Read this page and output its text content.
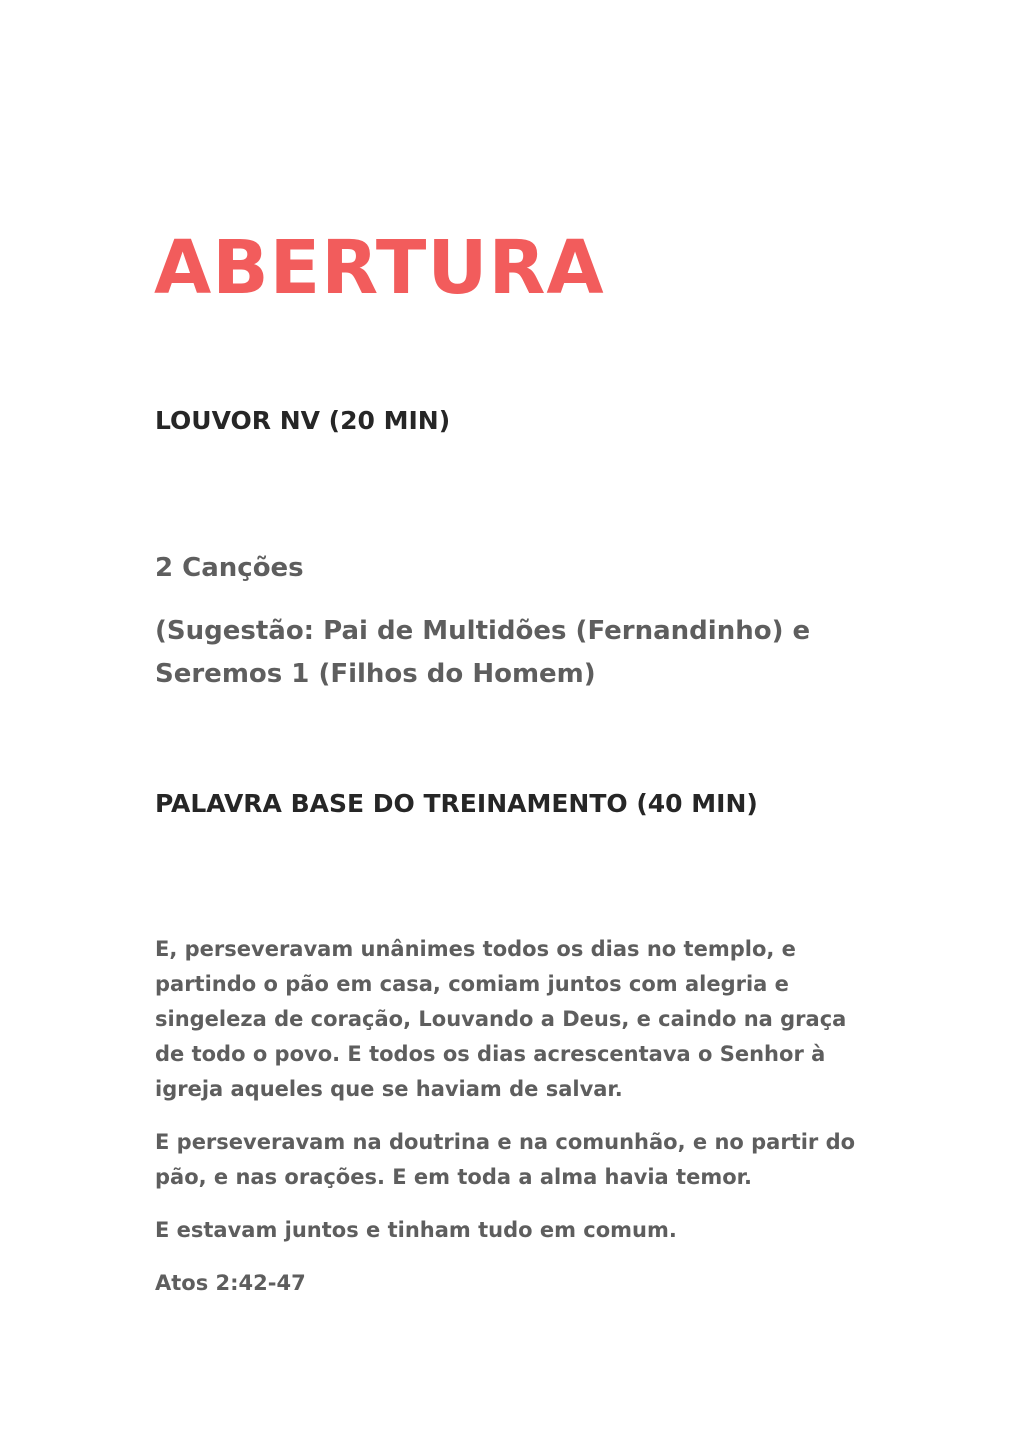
ABERTURA
LOUVOR NV (20 MIN)

2 Canções

(Sugestão: Pai de Multidões (Fernandinho) e Seremos 1 (Filhos do Homem)

PALAVRA BASE DO TREINAMENTO (40 MIN)

E, perseveravam unânimes todos os dias no templo, e partindo o pão em casa, comiam juntos com alegria e singeleza de coração, Louvando a Deus, e caindo na graça de todo o povo. E todos os dias acrescentava o Senhor à igreja aqueles que se haviam de salvar.

E perseveravam na doutrina e na comunhão, e no partir do pão, e nas orações. E em toda a alma havia temor.

E estavam juntos e tinham tudo em comum.

Atos 2:42-47
